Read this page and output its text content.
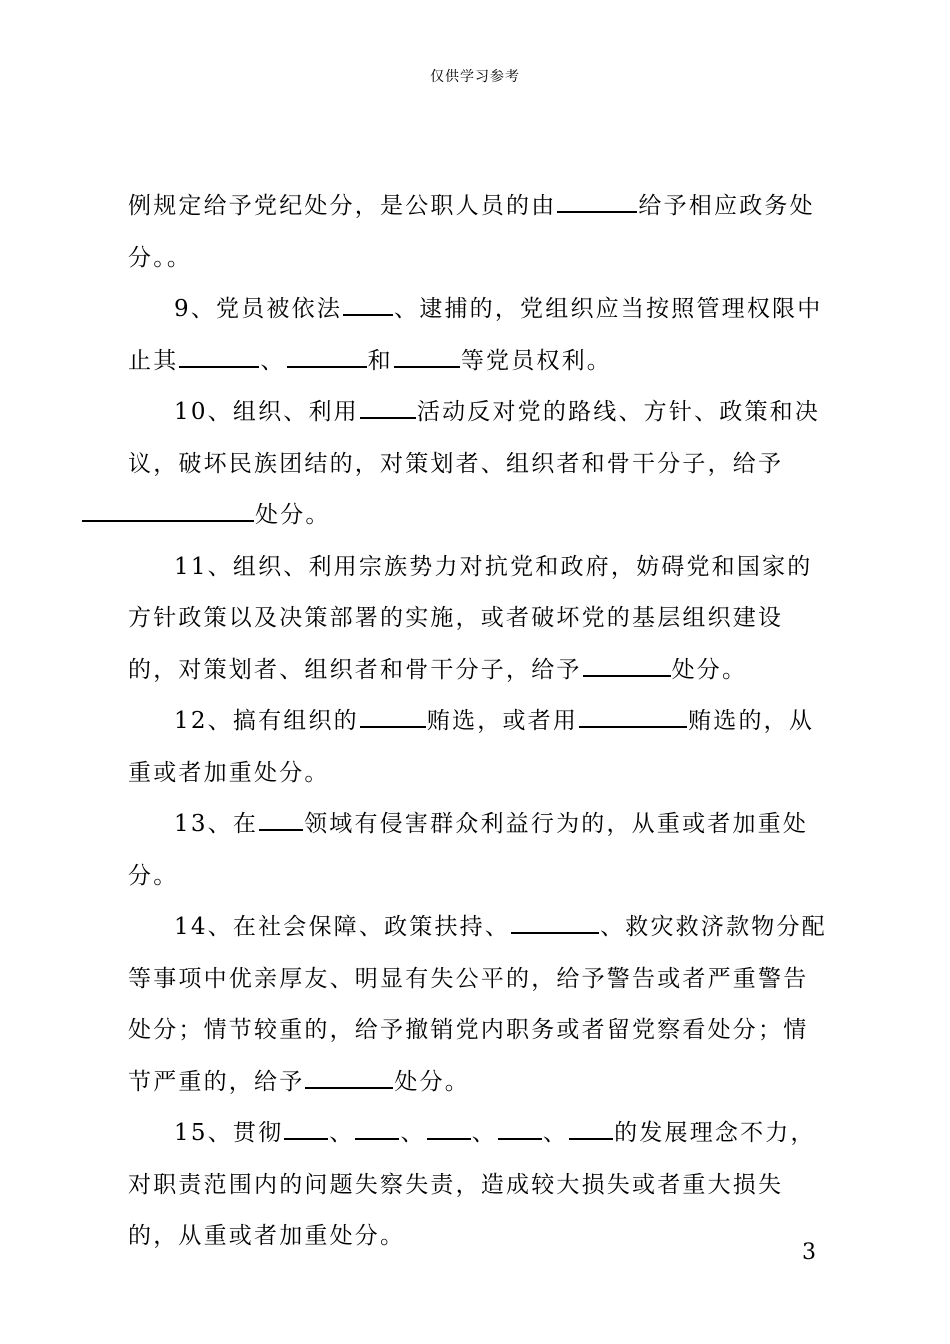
仅供学习参考

例规定给予党纪处分，是公职人员的由	给予相应政务处分。。

9、党员被依法 、逮捕的，党组织应当按照管理权限中止其	、	和	等党员权利。

10、组织、利用	活动反对党的路线、方针、政策和决议，破坏民族团结的，对策划者、组织者和骨干分子，给予
处分。

11、组织、利用宗族势力对抗党和政府，妨碍党和国家的方针政策以及决策部署的实施，或者破坏党的基层组织建设的，对策划者、组织者和骨干分子，给予	处分。

12、搞有组织的	贿选，或者用	贿选的，从重或者加重处分。

13、在 领域有侵害群众利益行为的，从重或者加重处分。

14、在社会保障、政策扶持、	、救灾救济款物分配等事项中优亲厚友、明显有失公平的，给予警告或者严重警告处分；情节较重的，给予撤销党内职务或者留党察看处分；情节严重的，给予	处分。

15、贯彻 、 、 、 、 的发展理念不力，对职责范围内的问题失察失责，造成较大损失或者重大损失的，从重或者加重处分。

3
